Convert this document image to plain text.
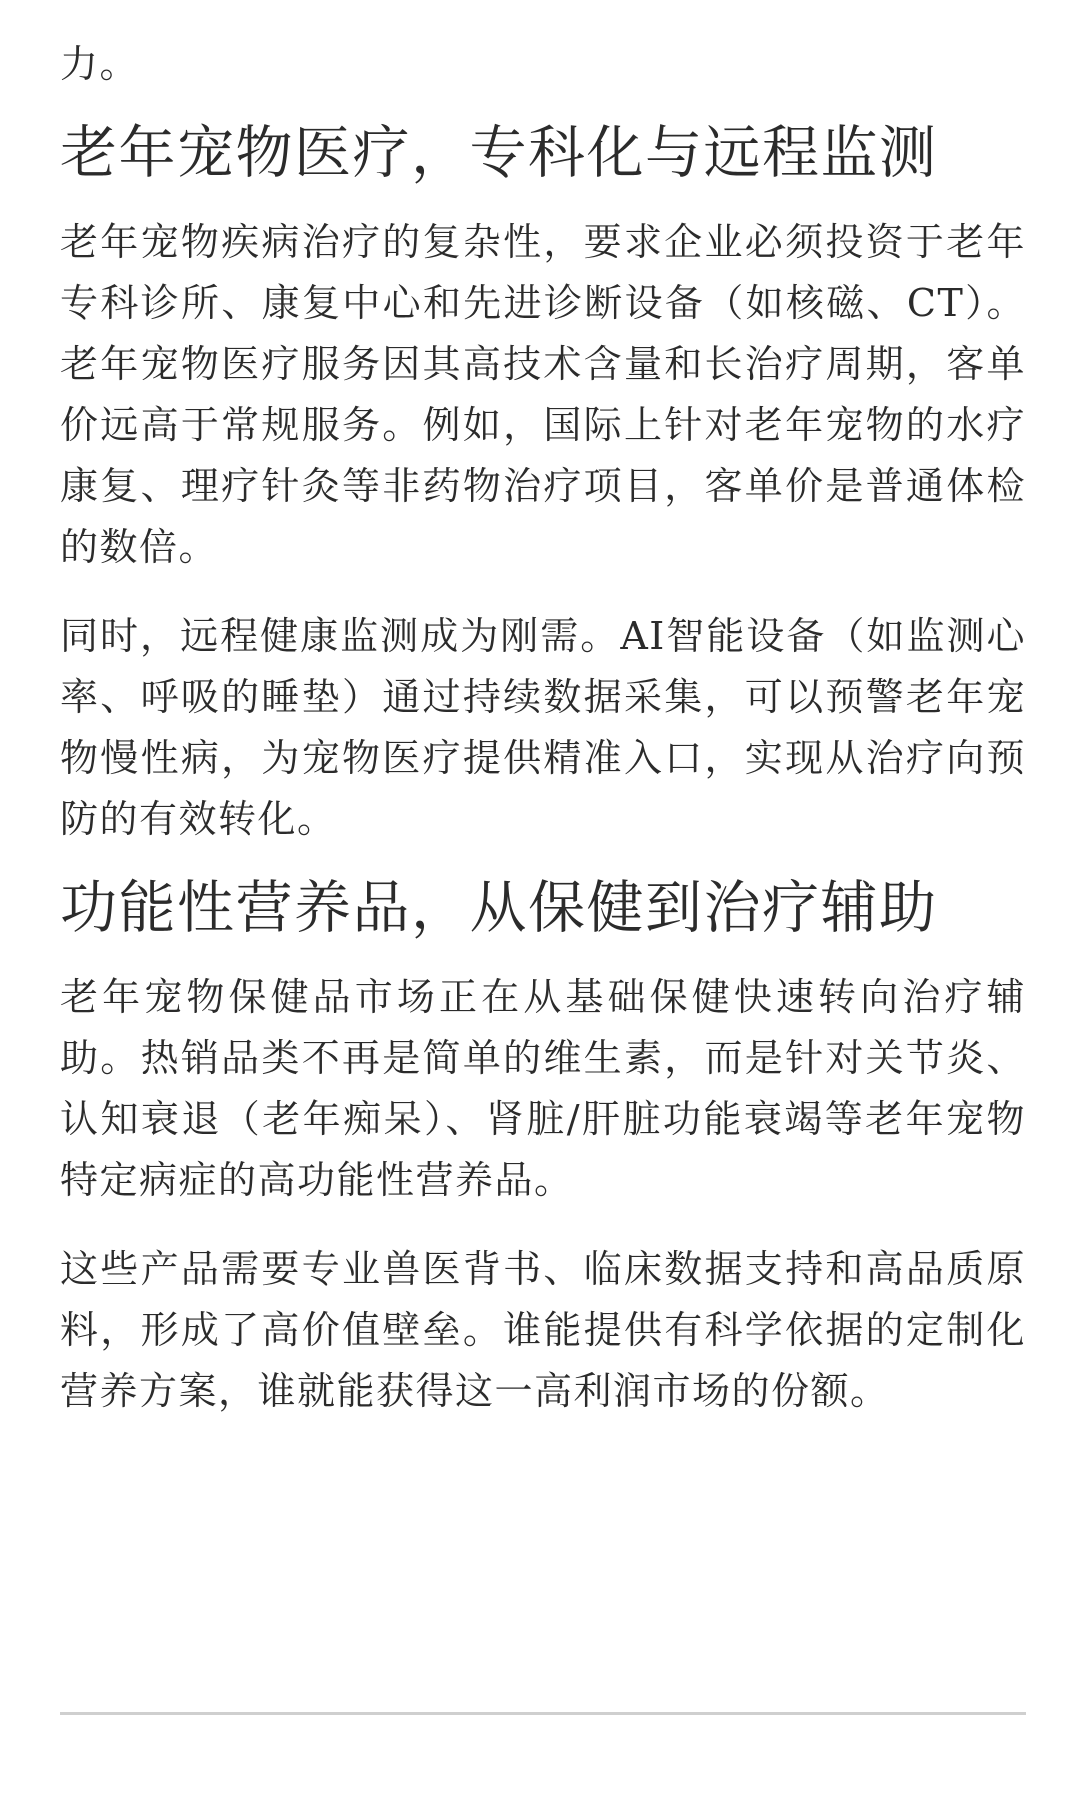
力。

老年宠物医疗，专科化与远程监测

老年宠物疾病治疗的复杂性，要求企业必须投资于老年专科诊所、康复中心和先进诊断设备（如核磁、CT）。老年宠物医疗服务因其高技术含量和长治疗周期，客单价远高于常规服务。例如，国际上针对老年宠物的水疗康复、理疗针灸等非药物治疗项目，客单价是普通体检的数倍。

同时，远程健康监测成为刚需。AI智能设备（如监测心率、呼吸的睡垫）通过持续数据采集，可以预警老年宠物慢性病，为宠物医疗提供精准入口，实现从治疗向预防的有效转化。

功能性营养品，从保健到治疗辅助

老年宠物保健品市场正在从基础保健快速转向治疗辅助。热销品类不再是简单的维生素，而是针对关节炎、认知衰退（老年痴呆）、肾脏/肝脏功能衰竭等老年宠物特定病症的高功能性营养品。

这些产品需要专业兽医背书、临床数据支持和高品质原料，形成了高价值壁垒。谁能提供有科学依据的定制化营养方案，谁就能获得这一高利润市场的份额。
